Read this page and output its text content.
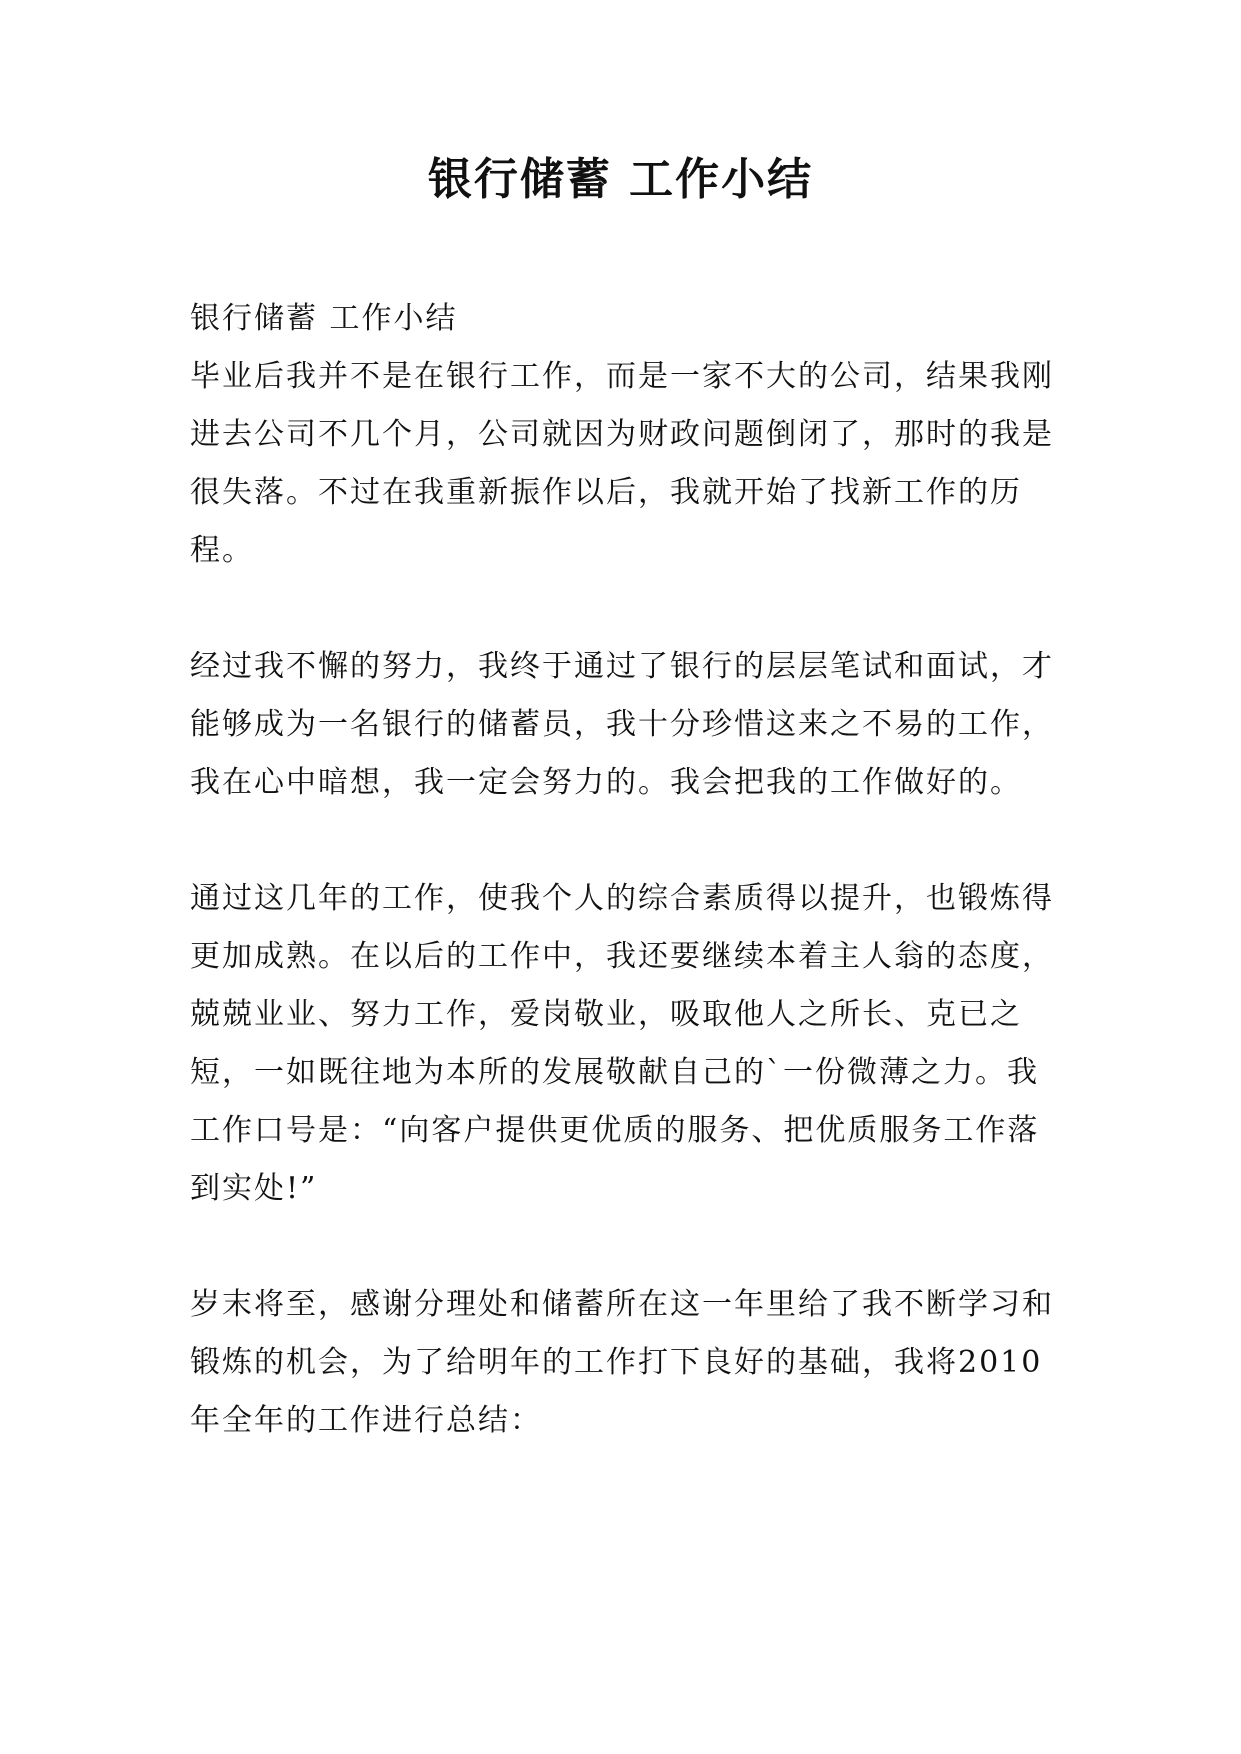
银行储蓄 工作小结

银行储蓄 工作小结

毕业后我并不是在银行工作，而是一家不大的公司，结果我刚进去公司不几个月，公司就因为财政问题倒闭了，那时的我是很失落。不过在我重新振作以后，我就开始了找新工作的历程。

经过我不懈的努力，我终于通过了银行的层层笔试和面试，才能够成为一名银行的储蓄员，我十分珍惜这来之不易的工作，我在心中暗想，我一定会努力的。我会把我的工作做好的。

通过这几年的工作，使我个人的综合素质得以提升，也锻炼得更加成熟。在以后的工作中，我还要继续本着主人翁的态度，兢兢业业、努力工作，爱岗敬业，吸取他人之所长、克已之短，一如既往地为本所的发展敬献自己的`一份微薄之力。我工作口号是：“向客户提供更优质的服务、把优质服务工作落到实处!”

岁末将至，感谢分理处和储蓄所在这一年里给了我不断学习和锻炼的机会，为了给明年的工作打下良好的基础，我将2010 年全年的工作进行总结：
